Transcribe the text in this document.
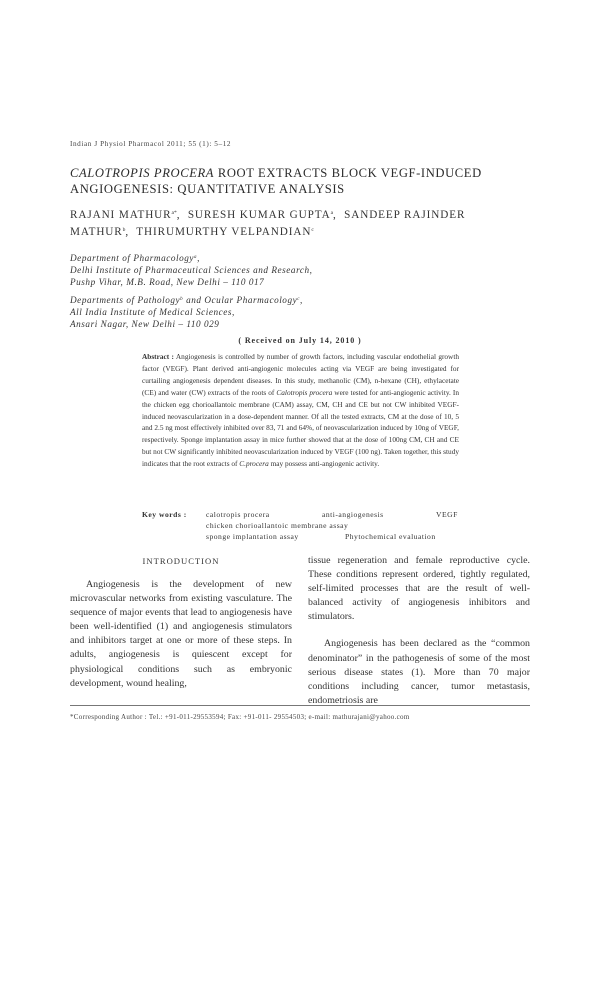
Indian J Physiol Pharmacol 2011; 55 (1): 5–12
CALOTROPIS PROCERA ROOT EXTRACTS BLOCK VEGF-INDUCED
ANGIOGENESIS: QUANTITATIVE ANALYSIS
RAJANI $MATHUR^{a*}$,  SURESH KUMAR GUPTA$^a$,  SANDEEP RAJINDER
MATHUR$^b$,  THIRUMURTHY VELPANDIAN$^c$
Department of Pharmacology$^a$,
Delhi Institute of Pharmaceutical Sciences and Research,
Pushp Vihar, M.B. Road, New Delhi – 110 017
Departments of Pathology$^b$ and Ocular Pharmacology$^c$,
All India Institute of Medical Sciences,
Ansari Nagar, New Delhi – 110 029
( Received on July 14, 2010 )
Abstract : Angiogenesis is controlled by number of growth factors, including vascular endothelial growth factor (VEGF). Plant derived anti-angiogenic molecules acting via VEGF are being investigated for curtailing angiogenesis dependent diseases. In this study, methanolic (CM), n-hexane (CH), ethylacetate (CE) and water (CW) extracts of the roots of Calotropis procera were tested for anti-angiogenic activity. In the chicken egg chorioallantoic membrane (CAM) assay, CM, CH and CE but not CW inhibited VEGF-induced neovascularization in a dose-dependent manner. Of all the tested extracts, CM at the dose of 10, 5 and 2.5 ng most effectively inhibited over 83, 71 and 64%, of neovascularization induced by 10ng of VEGF, respectively. Sponge implantation assay in mice further showed that at the dose of 100ng CM, CH and CE but not CW significantly inhibited neovascularization induced by VEGF (100 ng). Taken together, this study indicates that the root extracts of C.procera may possess anti-angiogenic activity.
Key words :	calotropis procera	anti-angiogenesis	VEGF
chicken chorioallantoic membrane assay
sponge implantation assay	Phytochemical evaluation
INTRODUCTION

Angiogenesis is the development of new microvascular networks from existing vasculature. The sequence of major events that lead to angiogenesis have been well-identified (1) and angiogenesis stimulators and inhibitors target at one or more of these steps. In adults, angiogenesis is quiescent except for physiological conditions such as embryonic development, wound healing,

tissue regeneration and female reproductive cycle. These conditions represent ordered, tightly regulated, self-limited processes that are the result of well-balanced activity of angiogenesis inhibitors and stimulators.

Angiogenesis has been declared as the “common denominator” in the pathogenesis of some of the most serious disease states (1). More than 70 major conditions including cancer, tumor metastasis, endometriosis are

*Corresponding Author : Tel.: +91-011-29553594; Fax: +91-011- 29554503; e-mail: mathurajani@yahoo.com
